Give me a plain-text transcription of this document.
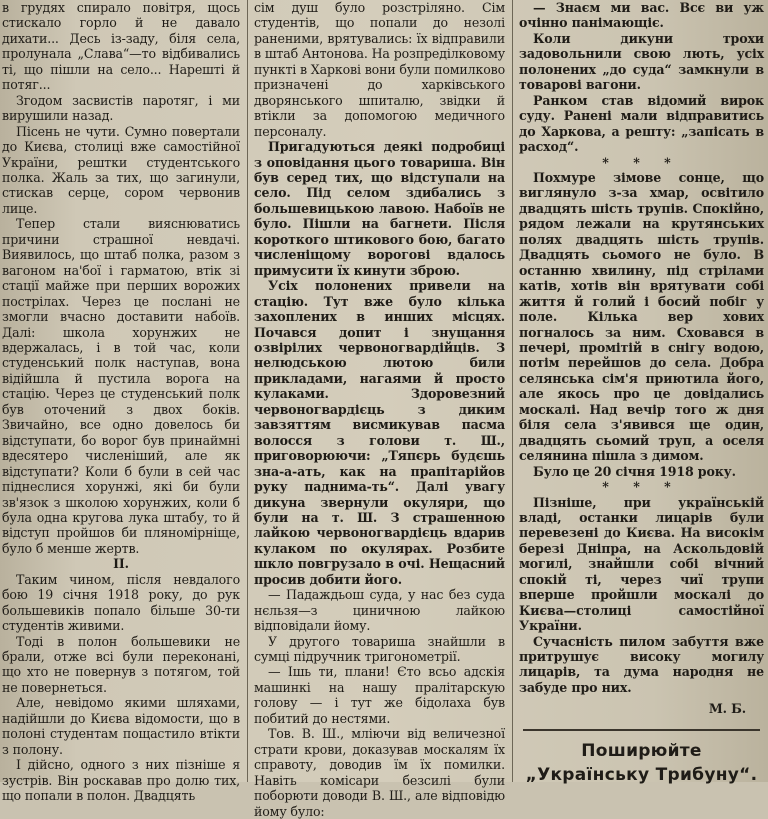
в грудях спирало повітря, щось стискало горло й не давало дихати... Десь із-заду, біля села, пролунала „Слава“—то відбивались ті, що пішли на село... Нарешті й потяг...

Згодом засвистів паротяг, і ми вирушили назад.

Пісень не чути. Сумно повертали до Києва, столиці вже самостійної України, рештки студентського полка. Жаль за тих, що загинули, стискав серце, сором червонив лице.

Тепер стали вияснюватись причини страшної невдачі. Виявилось, що штаб полка, разом з вагоном на'бої і гарматою, втік зі стації майже при перших ворожих пострілах. Через це послані не змогли вчасно доставити набоїв. Далі: школа хорунжих не вдержалась, і в той час, коли студенський полк наступав, вона відійшла й пустила ворога на стацію. Через це студенський полк був оточений з двох боків. Звичайно, все одно довелось би відступати, бо ворог був принаймні вдесятеро численіший, але як відступати? Коли б були в сей час піднеслися хорунжі, які би були зв'язок з школою хорунжих, коли б була одна кругова лука штабу, то й відступ пройшов би пляномірніще, було б менше жертв.

II.

Таким чином, після невдалого бою 19 січня 1918 року, до рук большевиків попало більше 30-ти студентів живими.

Тоді в полон большевики не брали, отже всі були переконані, що хто не повернув з потягом, той не повернеться.

Але, невідомо якими шляхами, надійшли до Києва відомости, що в полоні студентам пощастило втікти з полону.

І дійсно, одного з них пізніше я зустрів. Він роскавав про долю тих, що попали в полон. Двадцять

сім душ було розстріляно. Сім студентів, що попали до незолі раненими, врятувались: їх відправили в штаб Антонова. На розпреділковому пункті в Харкові вони були помилково призначені до харківського дворянського шпиталю, звідки й втікли за допомогою медичного персоналу.

Пригадуються деякі подробиці з оповідання цього товариша. Він був серед тих, що відступали на село. Під селом здибались з большевицькою лавою. Набоїв не було. Пішли на багнети. Після короткого штикового бою, багато численіщому ворогові вдалось примусити їх кинути зброю.

Усіх полонених привели на стацію. Тут вже було кілька захоплених в инших місцях. Почався допит і знущання озвірілих червоногвардійців. З нелюдською лютою били прикладами, нагаями й просто кулаками. Здоровезний червоногвардієць з диким завзяттям висмикував пасма волосся з голови т. Ш., приговорюючи: „Тяпєрь будєшь зна-а-ать, как на прапітарійов руку паднима-ть“. Далі увагу дикуна звернули окуляри, що були на т. Ш. З страшенною лайкою червоногвардієць вдарив кулаком по окулярах. Розбите шкло повгрузало в очі. Нещасний просив добити його.

— Падаждьош суда, у нас без суда нєльзя—з циничною лайкою відповідали йому.

У другого товариша знайшли в сумці підручник тригонометрії.

— Ішь ти, плани! Єто всьо адскія машинкі на нашу пралітарскую голову — і тут же бідолаха був побитий до нестями.

Тов. В. Ш., мліючи від величезної страти крови, доказував москалям їх справоту, доводив їм їх помилки. Навіть комісари безсилі були поборюти доводи В. Ш., але відповідю йому було:

— Знаєм ми вас. Всє ви уж очінно панімающіє.

Коли дикуни трохи задовольнили свою лють, усіх полонених „до суда“ замкнули в товарові вагони.

Ранком став відомий вирок суду. Ранені мали відправитись до Харкова, а решту: „запісать в расход“.

* * *

Похмуре зімове сонце, що виглянуло з-за хмар, освітило двадцять шість трупів. Спокійно, рядом лежали на крутянських полях двадцять шість трупів. Двадцять сьомого не було. В останню хвилину, під стрілами катів, хотів він врятувати собі життя й голий і босий побіг у поле. Кілька вер хових погналось за ним. Сховався в печері, промітій в снігу водою, потім перейшов до села. Добра селянська сім'я приютила його, але якось про це довідались москалі. Над вечір того ж дня біля села з'явився ще один, двадцять сьомий труп, а оселя селянина пішла з димом.

Було це 20 січня 1918 року.

* * *

Пізніше, при українській владі, останки лицарів були перевезені до Києва. На високім березі Дніпра, на Аскольдовій могилі, знайшли собі вічний спокій ті, через чиї трупи вперше пройшли москалі до Києва—столиці самостійної України.

Сучасність пилом забуття вже притрушує високу могилу лицарів, та дума народня не забуде про них.

М. Б.

Поширюйте „Українську Трибуну“.
